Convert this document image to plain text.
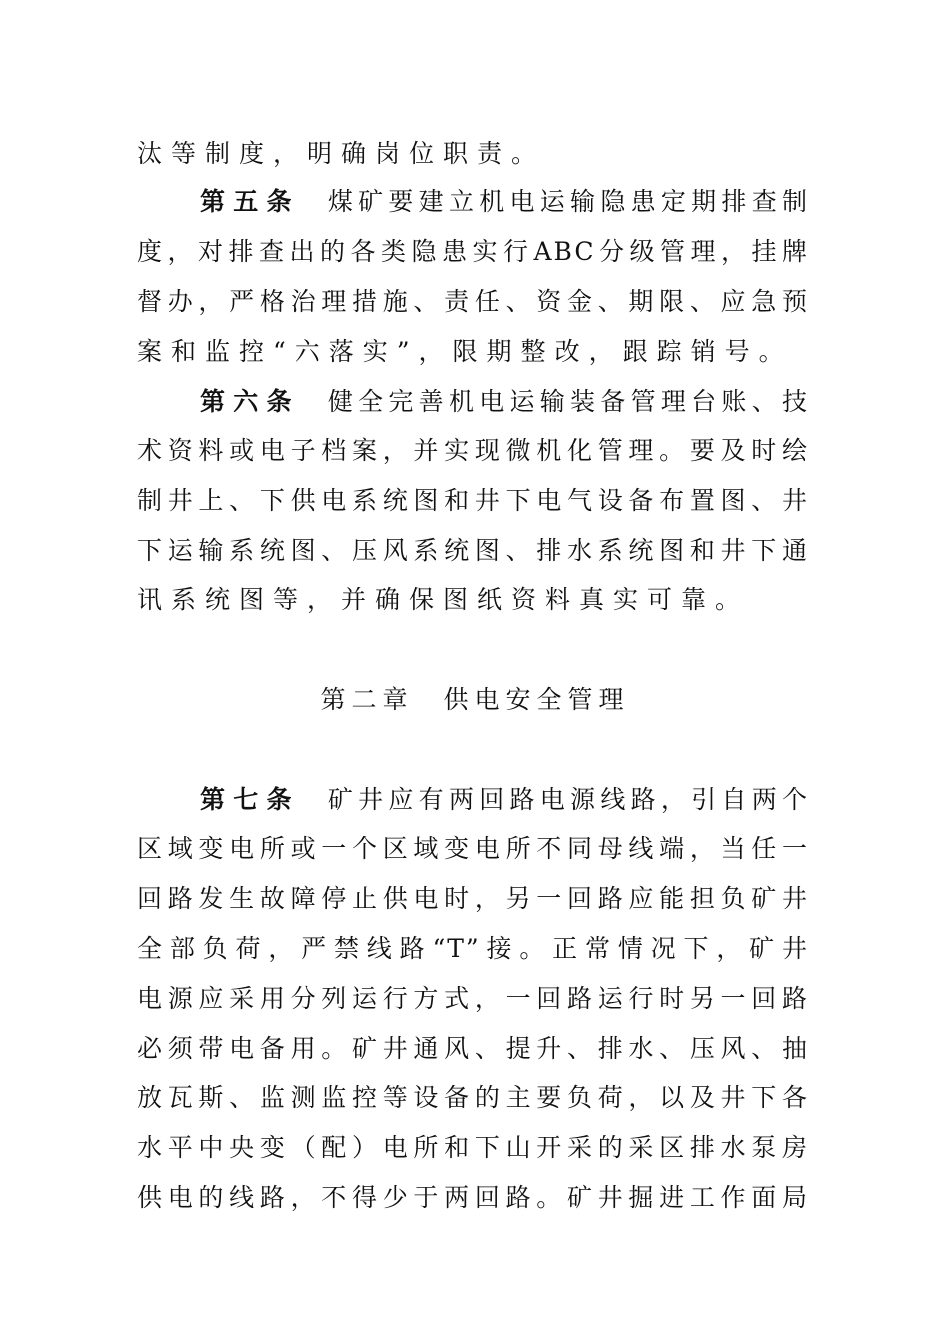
汰等制度，明确岗位职责。
第五条 煤矿要建立机电运输隐患定期排查制
度，对排查出的各类隐患实行ABC分级管理，挂牌
督办，严格治理措施、责任、资金、期限、应急预
案和监控“六落实”，限期整改，跟踪销号。
第六条 健全完善机电运输装备管理台账、技
术资料或电子档案，并实现微机化管理。要及时绘
制井上、下供电系统图和井下电气设备布置图、井
下运输系统图、压风系统图、排水系统图和井下通
讯系统图等，并确保图纸资料真实可靠。
第二章 供电安全管理
第七条 矿井应有两回路电源线路，引自两个
区域变电所或一个区域变电所不同母线端，当任一
回路发生故障停止供电时，另一回路应能担负矿井
全部负荷，严禁线路“T”接。正常情况下，矿井
电源应采用分列运行方式，一回路运行时另一回路
必须带电备用。矿井通风、提升、排水、压风、抽
放瓦斯、监测监控等设备的主要负荷，以及井下各
水平中央变（配）电所和下山开采的采区排水泵房
供电的线路，不得少于两回路。矿井掘进工作面局
